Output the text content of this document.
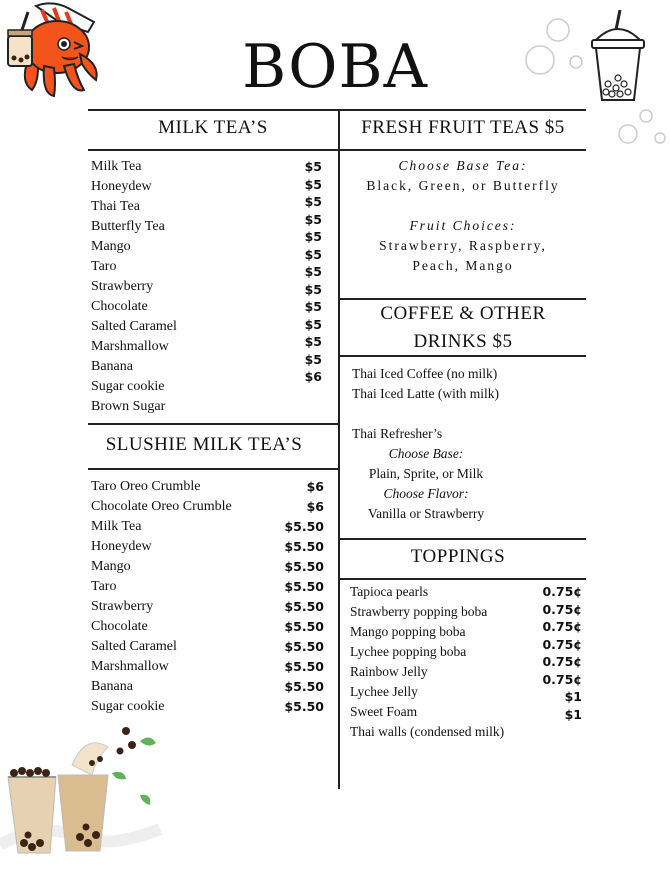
BOBA
MILK TEA’S
Milk Tea
Honeydew
Thai Tea
Butterfly Tea
Mango
Taro
Strawberry
Chocolate
Salted Caramel
Marshmallow
Banana
Sugar cookie
Brown Sugar
$5
$5
$5
$5
$5
$5
$5
$5
$5
$5
$5
$5
$6
SLUSHIE MILK TEA’S
Taro Oreo Crumble
Chocolate Oreo Crumble
Milk Tea
Honeydew
Mango
Taro
Strawberry
Chocolate
Salted Caramel
Marshmallow
Banana
Sugar cookie
$6
$6
$5.50
$5.50
$5.50
$5.50
$5.50
$5.50
$5.50
$5.50
$5.50
$5.50
FRESH FRUIT TEAS $5
Choose Base Tea:
Black, Green, or Butterfly
Fruit Choices:
Strawberry, Raspberry,
Peach, Mango
COFFEE & OTHER
DRINKS $5
Thai Iced Coffee (no milk)
Thai Iced Latte (with milk)
Thai Refresher’s
Choose Base:
Plain, Sprite, or Milk
Choose Flavor:
Vanilla or Strawberry
TOPPINGS
Tapioca pearls
Strawberry popping boba
Mango popping boba
Lychee popping boba
Rainbow Jelly
Lychee Jelly
Sweet Foam
Thai walls (condensed milk)
0.75¢
0.75¢
0.75¢
0.75¢
0.75¢
0.75¢
$1
$1
